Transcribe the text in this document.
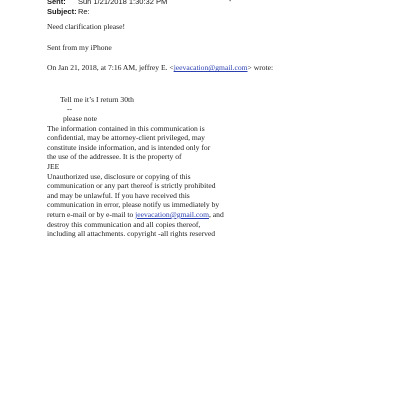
Sent:	Sun 1/21/2018 1:30:32 PM
Subject: Re:
-

Need clarification please!

Sent from my iPhone

On Jan 21, 2018, at 7:16 AM, jeffrey E. <jeevacation@gmail.com> wrote:

Tell me it’s I return 30th

--

please note

The information contained in this communication is

confidential, may be attorney-client privileged, may

constitute inside information, and is intended only for

the use of the addressee. It is the property of

JEE

Unauthorized use, disclosure or copying of this

communication or any part thereof is strictly prohibited

and may be unlawful. If you have received this

communication in error, please notify us immediately by

return e-mail or by e-mail to jeevacation@gmail.com, and

destroy this communication and all copies thereof,

including all attachments. copyright -all rights reserved
